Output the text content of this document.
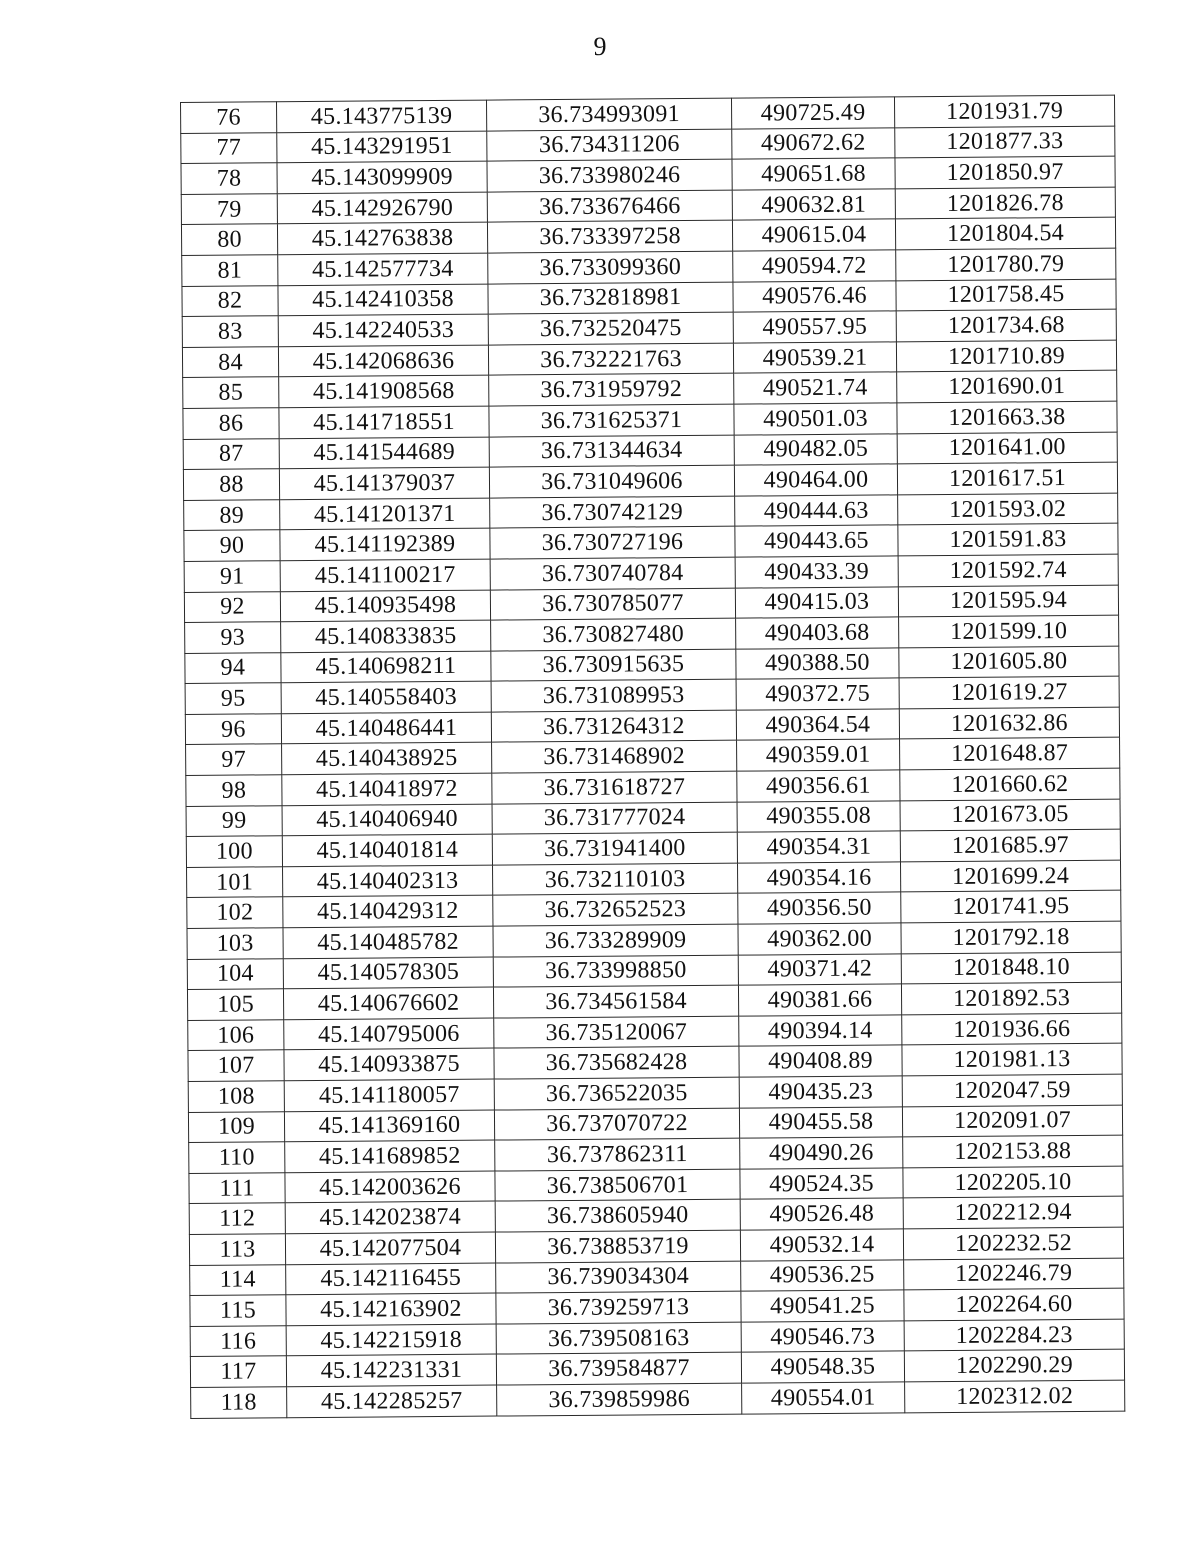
9
76	45.143775139	36.734993091	490725.49	1201931.79
77	45.143291951	36.734311206	490672.62	1201877.33
78	45.143099909	36.733980246	490651.68	1201850.97
79	45.142926790	36.733676466	490632.81	1201826.78
80	45.142763838	36.733397258	490615.04	1201804.54
81	45.142577734	36.733099360	490594.72	1201780.79
82	45.142410358	36.732818981	490576.46	1201758.45
83	45.142240533	36.732520475	490557.95	1201734.68
84	45.142068636	36.732221763	490539.21	1201710.89
85	45.141908568	36.731959792	490521.74	1201690.01
86	45.141718551	36.731625371	490501.03	1201663.38
87	45.141544689	36.731344634	490482.05	1201641.00
88	45.141379037	36.731049606	490464.00	1201617.51
89	45.141201371	36.730742129	490444.63	1201593.02
90	45.141192389	36.730727196	490443.65	1201591.83
91	45.141100217	36.730740784	490433.39	1201592.74
92	45.140935498	36.730785077	490415.03	1201595.94
93	45.140833835	36.730827480	490403.68	1201599.10
94	45.140698211	36.730915635	490388.50	1201605.80
95	45.140558403	36.731089953	490372.75	1201619.27
96	45.140486441	36.731264312	490364.54	1201632.86
97	45.140438925	36.731468902	490359.01	1201648.87
98	45.140418972	36.731618727	490356.61	1201660.62
99	45.140406940	36.731777024	490355.08	1201673.05
100	45.140401814	36.731941400	490354.31	1201685.97
101	45.140402313	36.732110103	490354.16	1201699.24
102	45.140429312	36.732652523	490356.50	1201741.95
103	45.140485782	36.733289909	490362.00	1201792.18
104	45.140578305	36.733998850	490371.42	1201848.10
105	45.140676602	36.734561584	490381.66	1201892.53
106	45.140795006	36.735120067	490394.14	1201936.66
107	45.140933875	36.735682428	490408.89	1201981.13
108	45.141180057	36.736522035	490435.23	1202047.59
109	45.141369160	36.737070722	490455.58	1202091.07
110	45.141689852	36.737862311	490490.26	1202153.88
111	45.142003626	36.738506701	490524.35	1202205.10
112	45.142023874	36.738605940	490526.48	1202212.94
113	45.142077504	36.738853719	490532.14	1202232.52
114	45.142116455	36.739034304	490536.25	1202246.79
115	45.142163902	36.739259713	490541.25	1202264.60
116	45.142215918	36.739508163	490546.73	1202284.23
117	45.142231331	36.739584877	490548.35	1202290.29
118	45.142285257	36.739859986	490554.01	1202312.02
